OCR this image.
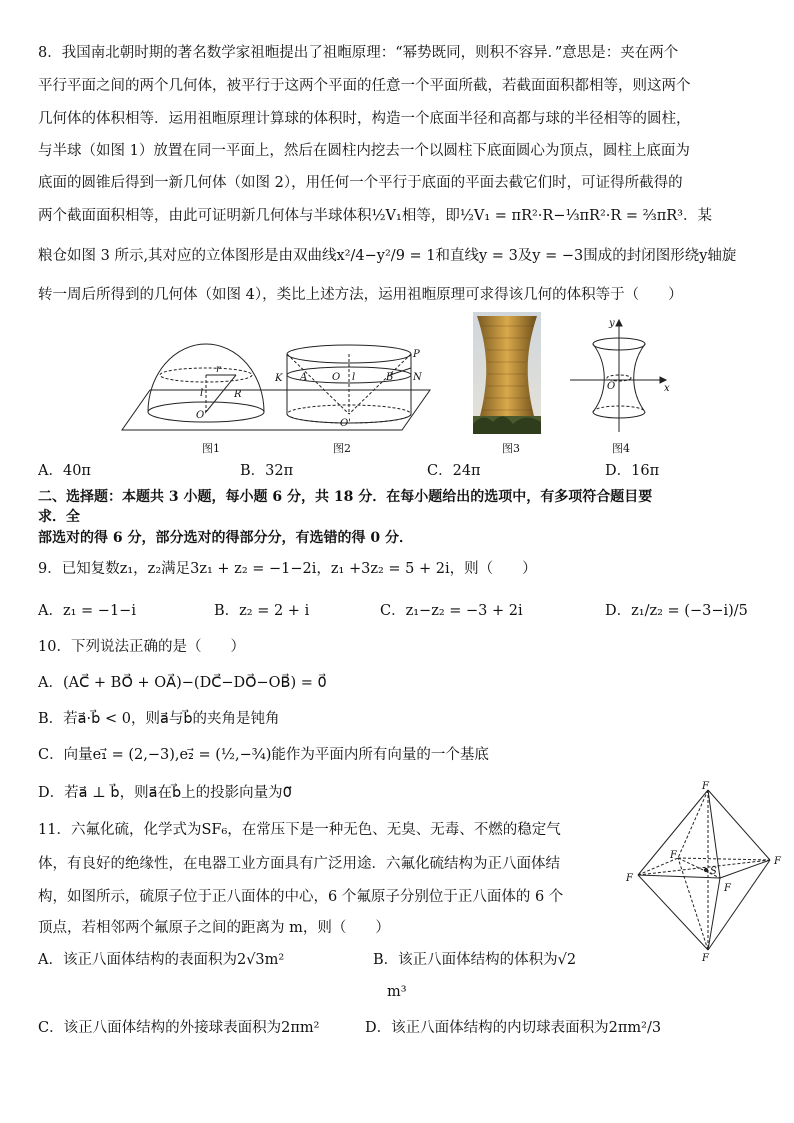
8．我国南北朝时期的著名数学家祖暅提出了祖暅原理：“幂势既同，则积不容异．”意思是：夹在两个
平行平面之间的两个几何体，被平行于这两个平面的任意一个平面所截，若截面面积都相等，则这两个
几何体的体积相等．运用祖暅原理计算球的体积时，构造一个底面半径和高都与球的半径相等的圆柱，
与半球（如图 1）放置在同一平面上，然后在圆柱内挖去一个以圆柱下底面圆心为顶点，圆柱上底面为
底面的圆锥后得到一新几何体（如图 2），用任何一个平行于底面的平面去截它们时，可证得所截得的
两个截面面积相等，由此可证明新几何体与半球体积½V₁相等，即½V₁ = πR²·R−⅓πR²·R = ⅔πR³．某
粮仓如图 3 所示,其对应的立体图形是由双曲线x²/4−y²/9 = 1和直线y = 3及y = −3围成的封闭图形绕y轴旋
转一周后所得到的几何体（如图 4），类比上述方法，运用祖暅原理可求得该几何的体积等于（　　）
r
l	R
O'
K A O l	B
P
N
O'
图1	图2	图3
y
x
O
图4
A．40π	B．32π	C．24π	D．16π
二、选择题：本题共 3 小题，每小题 6 分，共 18 分．在每小题给出的选项中，有多项符合题目要
求．全
部选对的得 6 分，部分选对的得部分分，有选错的得 0 分．
9．已知复数z₁，z₂满足3z₁ + z₂ = −1−2i，z₁ +3z₂ = 5 + 2i，则（　　）
A．z₁ = −1−i	B．z₂ = 2 + i	C．z₁−z₂ = −3 + 2i	D．z₁/z₂ = (−3−i)/5
10．下列说法正确的是（　　）
A．(AC⃗ + BO⃗ + OA⃗)−(DC⃗−DO⃗−OB⃗) = 0⃗
B．若a⃗·b⃗ < 0，则a⃗与b⃗的夹角是钝角
C．向量e₁⃗ = (2,−3),e₂⃗ = (½,−¾)能作为平面内所有向量的一个基底
D．若a⃗ ⊥ b⃗，则a⃗在b⃗上的投影向量为0⃗
11．六氟化硫，化学式为SF₆，在常压下是一种无色、无臭、无毒、不燃的稳定气
体，有良好的绝缘性，在电器工业方面具有广泛用途．六氟化硫结构为正八面体结
构，如图所示，硫原子位于正八面体的中心，6 个氟原子分别位于正八面体的 6 个
顶点，若相邻两个氟原子之间的距离为 m，则（　　）
A．该正八面体结构的表面积为2√3m²	B．该正八面体结构的体积为√2
m³
C．该正八面体结构的外接球表面积为2πm²	D．该正八面体结构的内切球表面积为2πm²/3
F
F
F
F
F
F
S
